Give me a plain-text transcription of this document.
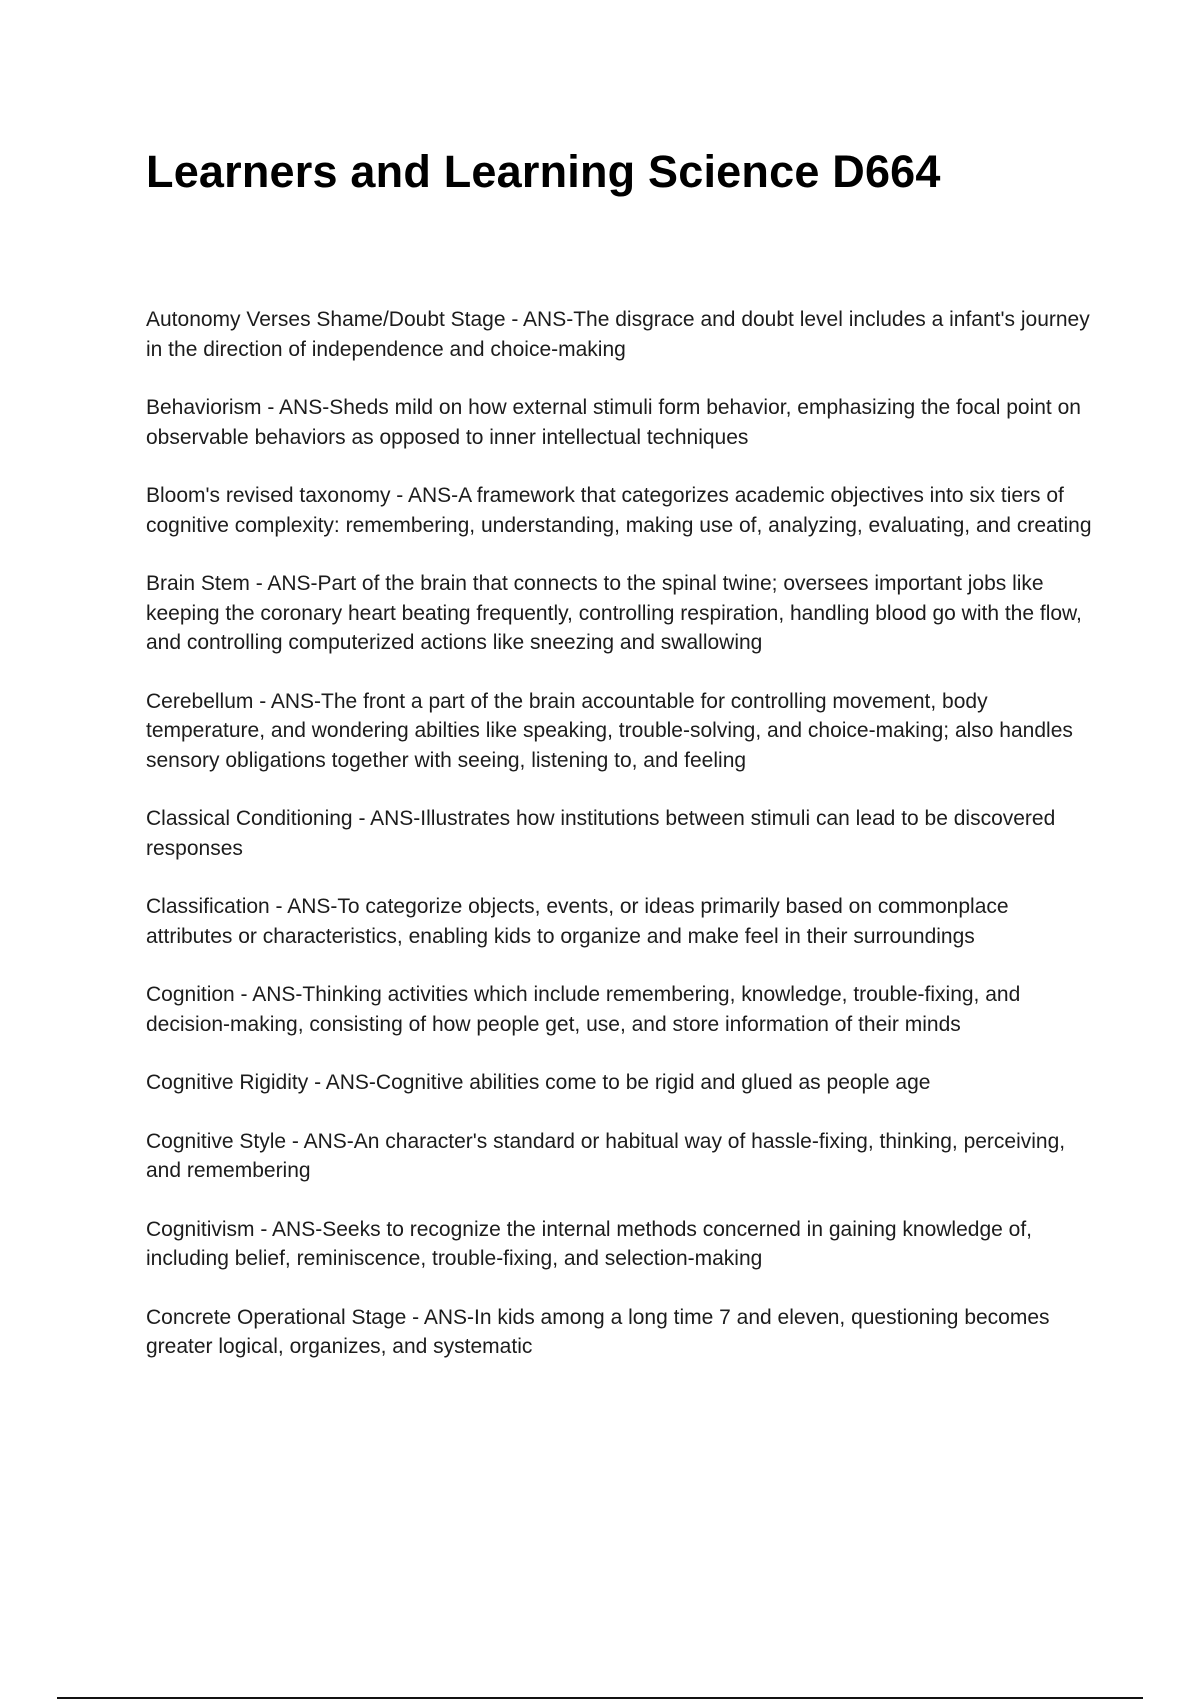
Learners and Learning Science D664

Autonomy Verses Shame/Doubt Stage - ANS-The disgrace and doubt level includes a infant's journey in the direction of independence and choice-making

Behaviorism - ANS-Sheds mild on how external stimuli form behavior, emphasizing the focal point on observable behaviors as opposed to inner intellectual techniques

Bloom's revised taxonomy - ANS-A framework that categorizes academic objectives into six tiers of cognitive complexity: remembering, understanding, making use of, analyzing, evaluating, and creating

Brain Stem - ANS-Part of the brain that connects to the spinal twine; oversees important jobs like keeping the coronary heart beating frequently, controlling respiration, handling blood go with the flow, and controlling computerized actions like sneezing and swallowing

Cerebellum - ANS-The front a part of the brain accountable for controlling movement, body temperature, and wondering abilties like speaking, trouble-solving, and choice-making; also handles sensory obligations together with seeing, listening to, and feeling

Classical Conditioning - ANS-Illustrates how institutions between stimuli can lead to be discovered responses

Classification - ANS-To categorize objects, events, or ideas primarily based on commonplace attributes or characteristics, enabling kids to organize and make feel in their surroundings

Cognition - ANS-Thinking activities which include remembering, knowledge, trouble-fixing, and decision-making, consisting of how people get, use, and store information of their minds

Cognitive Rigidity - ANS-Cognitive abilities come to be rigid and glued as people age

Cognitive Style - ANS-An character's standard or habitual way of hassle-fixing, thinking, perceiving, and remembering

Cognitivism - ANS-Seeks to recognize the internal methods concerned in gaining knowledge of, including belief, reminiscence, trouble-fixing, and selection-making

Concrete Operational Stage - ANS-In kids among a long time 7 and eleven, questioning becomes greater logical, organizes, and systematic
